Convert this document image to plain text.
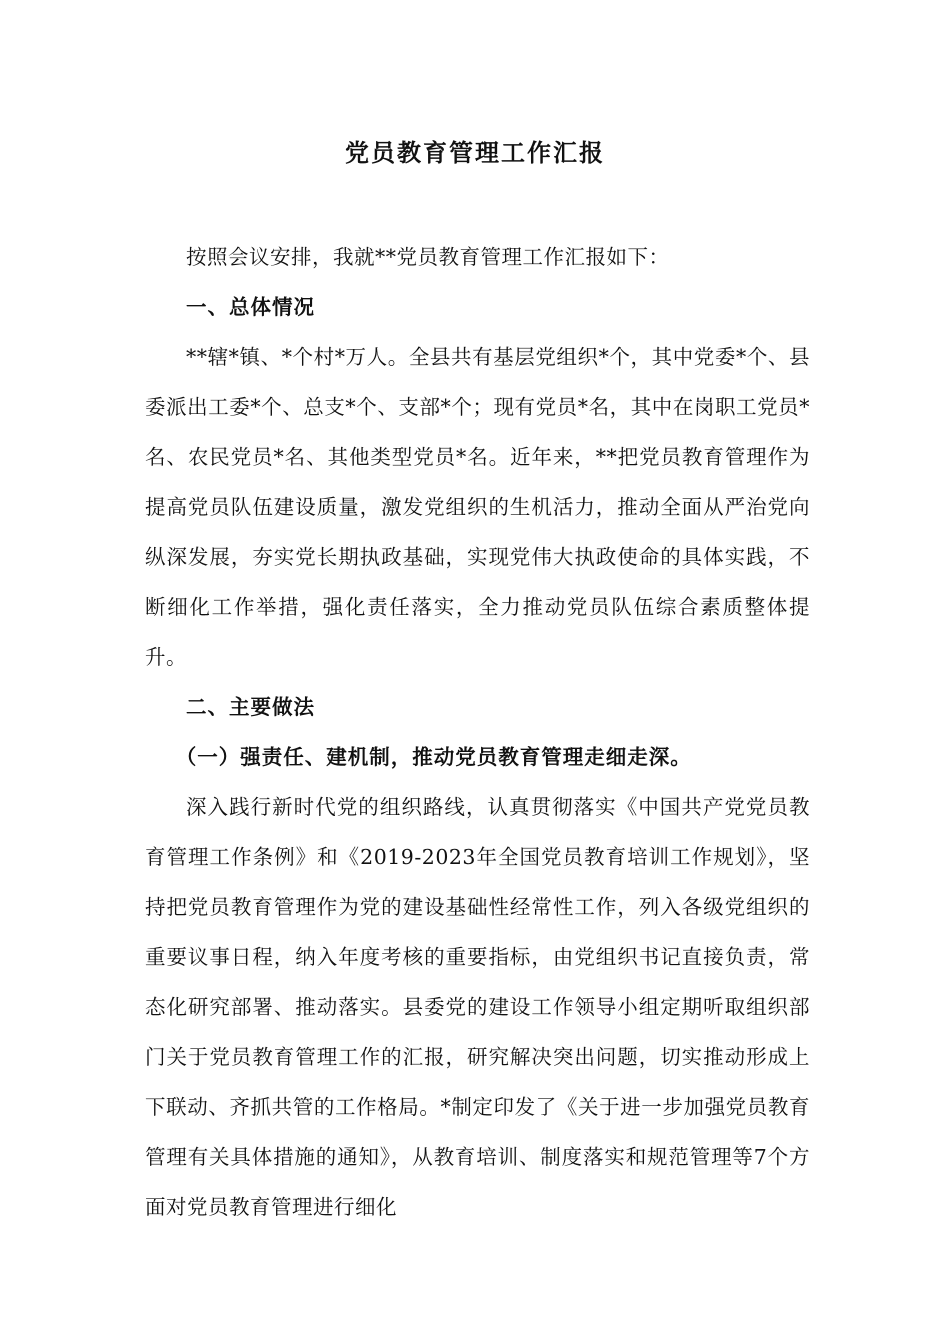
党员教育管理工作汇报

按照会议安排，我就**党员教育管理工作汇报如下：

一、总体情况

**辖*镇、*个村*万人。全县共有基层党组织*个，其中党委*个、县委派出工委*个、总支*个、支部*个；现有党员*名，其中在岗职工党员*名、农民党员*名、其他类型党员*名。近年来，**把党员教育管理作为提高党员队伍建设质量，激发党组织的生机活力，推动全面从严治党向纵深发展，夯实党长期执政基础，实现党伟大执政使命的具体实践，不断细化工作举措，强化责任落实，全力推动党员队伍综合素质整体提升。

二、主要做法
（一）强责任、建机制，推动党员教育管理走细走深。

深入践行新时代党的组织路线，认真贯彻落实《中国共产党党员教育管理工作条例》和《2019-2023年全国党员教育培训工作规划》，坚持把党员教育管理作为党的建设基础性经常性工作，列入各级党组织的重要议事日程，纳入年度考核的重要指标，由党组织书记直接负责，常态化研究部署、推动落实。县委党的建设工作领导小组定期听取组织部门关于党员教育管理工作的汇报，研究解决突出问题，切实推动形成上下联动、齐抓共管的工作格局。*制定印发了《关于进一步加强党员教育管理有关具体措施的通知》，从教育培训、制度落实和规范管理等7个方面对党员教育管理进行细化
